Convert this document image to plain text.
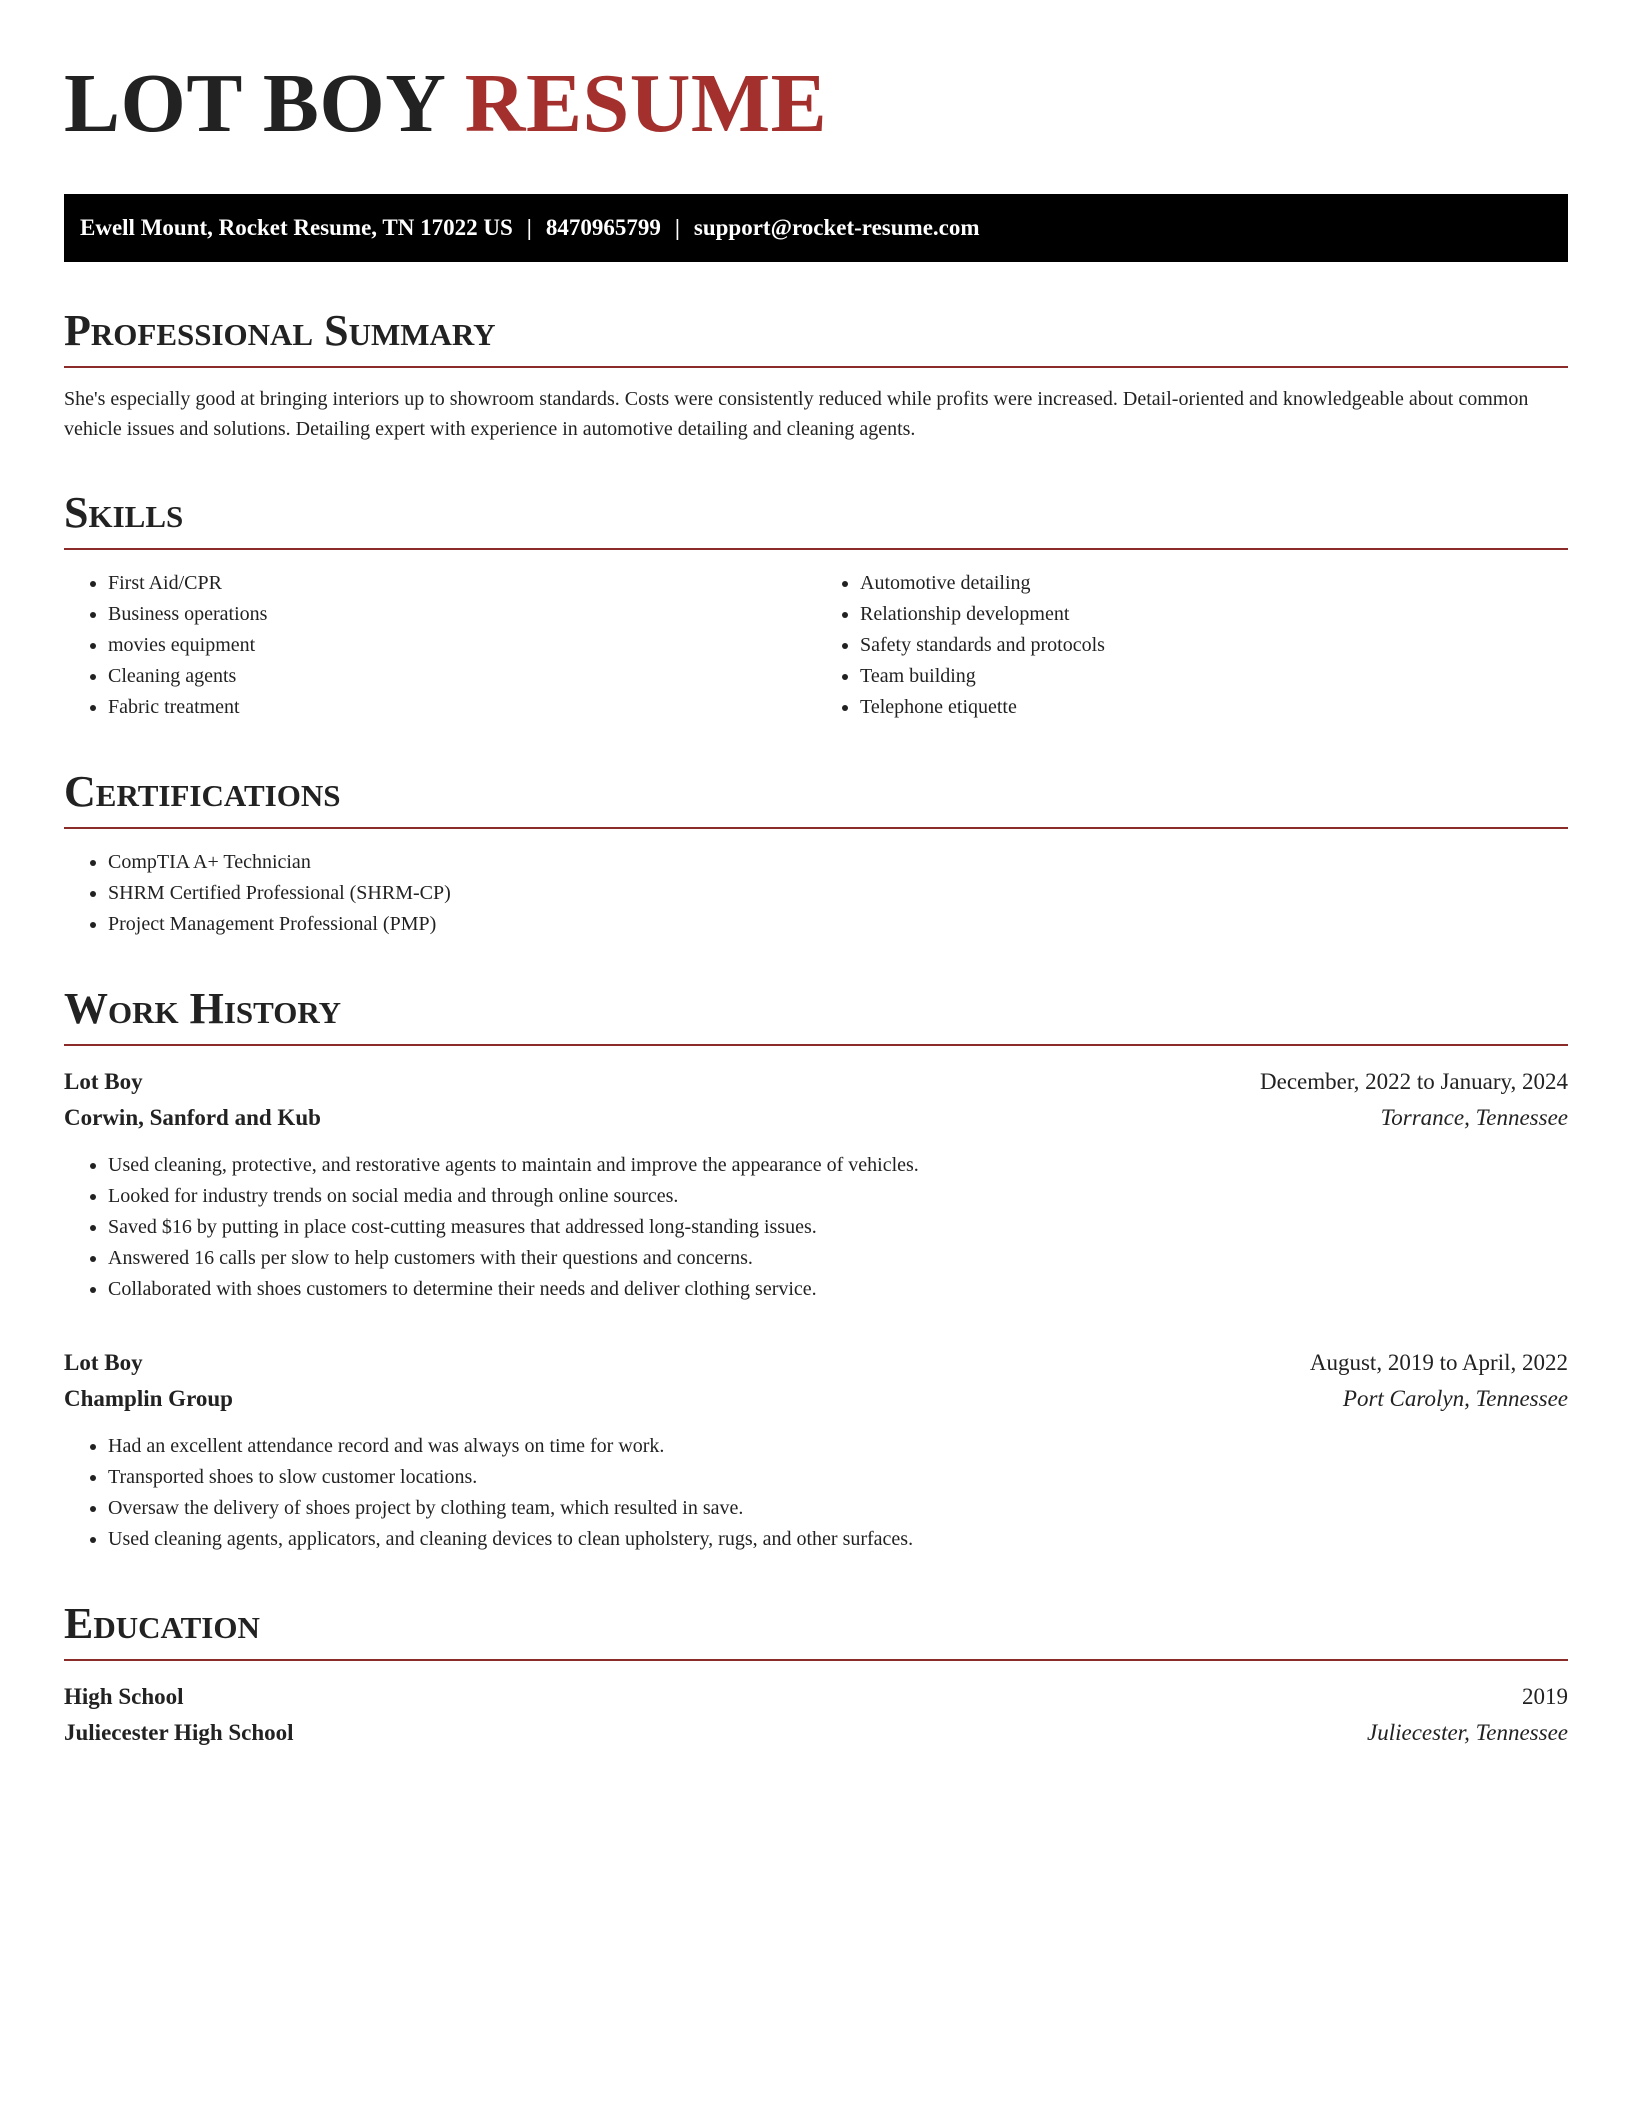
LOT BOY RESUME
Ewell Mount, Rocket Resume, TN 17022 US | 8470965799 | support@rocket-resume.com
Professional Summary

She's especially good at bringing interiors up to showroom standards. Costs were consistently reduced while profits were increased. Detail-oriented and knowledgeable about common vehicle issues and solutions. Detailing expert with experience in automotive detailing and cleaning agents.

Skills
• First Aid/CPR
• Business operations
• movies equipment
• Cleaning agents
• Fabric treatment
• Automotive detailing
• Relationship development
• Safety standards and protocols
• Team building
• Telephone etiquette
Certifications
• CompTIA A+ Technician
• SHRM Certified Professional (SHRM-CP)
• Project Management Professional (PMP)
Work History
Lot Boy	December, 2022 to January, 2024
Corwin, Sanford and Kub	Torrance, Tennessee
• Used cleaning, protective, and restorative agents to maintain and improve the appearance of vehicles.
• Looked for industry trends on social media and through online sources.
• Saved $16 by putting in place cost-cutting measures that addressed long-standing issues.
• Answered 16 calls per slow to help customers with their questions and concerns.
• Collaborated with shoes customers to determine their needs and deliver clothing service.
Lot Boy	August, 2019 to April, 2022
Champlin Group	Port Carolyn, Tennessee
• Had an excellent attendance record and was always on time for work.
• Transported shoes to slow customer locations.
• Oversaw the delivery of shoes project by clothing team, which resulted in save.
• Used cleaning agents, applicators, and cleaning devices to clean upholstery, rugs, and other surfaces.
Education
High School	2019
Juliecester High School	Juliecester, Tennessee
